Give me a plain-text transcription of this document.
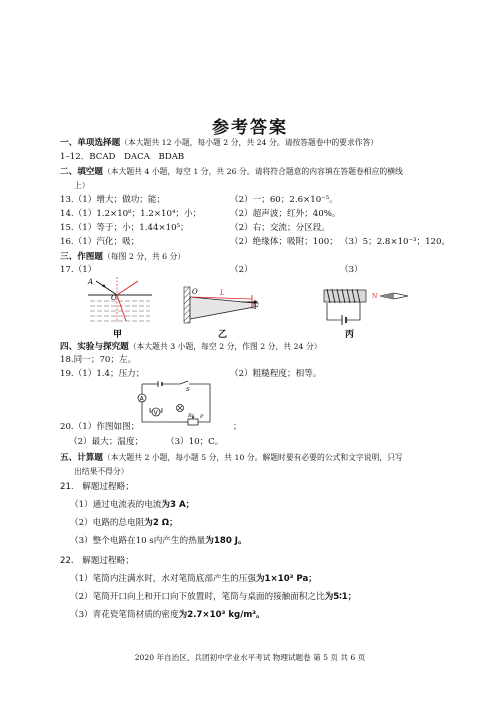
参考答案
一、单项选择题（本大题共 12 小题，每小题 2 分，共 24 分。请按答题卷中的要求作答）
1–12．BCAD　DACA　BDAB
二、填空题（本大题共 4 小题，每空 1 分，共 26 分。请将符合题意的内容填在答题卷相应的横线
上）
13.（1）增大；做功；能；	（2）一；60；2.6×10⁻⁵。
14.（1）1.2×10⁸；1.2×10⁴；小；	（2）超声波；红外；40%。
15.（1）等于；小；1.44×10⁵；	（2）右；交流；分区段。
16.（1）汽化；吸；	（2）绝缘体；吸附；100； （3）5；2.8×10⁻³；120。
三、作图题（每图 2 分，共 6 分）
17.（1）	（2）	（3）
A
O
甲
O	L
F
乙
N
丙
四、实验与探究题（本大题共 3 小题，每空 2 分，作图 2 分，共 24 分）
18.同一；70；左。
19.（1）1.4；压力；	（2）粗糙程度；相等。
A
V
S
R P
20.（1）作图如图；	；
（2）最大；温度；	（3）10；C。
五、计算题（本大题共 2 小题，每小题 5 分，共 10 分。解题时要有必要的公式和文字说明，只写
出结果不得分）
21.　解题过程略；
（1）通过电流表的电流为3 A；
（2）电路的总电阻为2 Ω；
（3）整个电路在10 s内产生的热量为180 J。
22.　解题过程略；
（1）笔筒内注满水时，水对笔筒底部产生的压强为1×10³ Pa；
（2）笔筒开口向上和开口向下放置时，笔筒与桌面的接触面积之比为5∶1；
（3）青花瓷笔筒材质的密度为2.7×10³ kg/m³。
2020 年自治区、兵团初中学业水平考试 物理试题卷 第 5 页 共 6 页
